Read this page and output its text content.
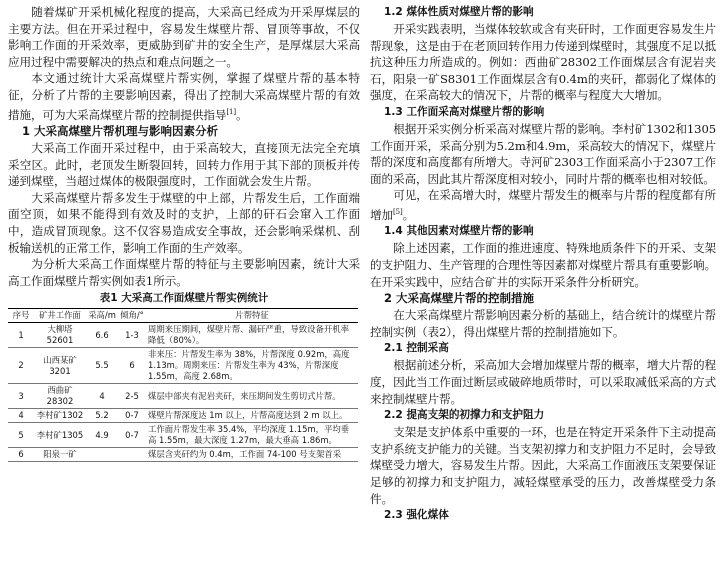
随着煤矿开采机械化程度的提高，大采高已经成为开采厚煤层的主要方法。但在开采过程中，容易发生煤壁片帮、冒顶等事故，不仅影响工作面的开采效率，更威胁到矿井的安全生产，是厚煤层大采高应用过程中需要解决的热点和难点问题之一。

本文通过统计大采高煤壁片帮实例，掌握了煤壁片帮的基本特征，分析了片帮的主要影响因素，得出了控制大采高煤壁片帮的有效措施，可为大采高煤壁片帮的控制提供指导[1]。

1 大采高煤壁片帮机理与影响因素分析

大采高工作面开采过程中，由于采高较大，直接顶无法完全充填采空区。此时，老顶发生断裂回转，回转力作用于其下部的顶板并传递到煤壁，当超过煤体的极限强度时，工作面就会发生片帮。

大采高煤壁片帮多发生于煤壁的中上部，片帮发生后，工作面端面空顶，如果不能得到有效及时的支护，上部的矸石会窜入工作面中，造成冒顶现象。这不仅容易造成安全事故，还会影响采煤机、刮板输送机的正常工作，影响工作面的生产效率。

为分析大采高工作面煤壁片帮的特征与主要影响因素，统计大采高工作面煤壁片帮实例如表1所示。

表1 大采高工作面煤壁片帮实例统计
序号	矿井工作面	采高/m	倾角/°	片帮特征
1	大柳塔52601	6.6	1-3	周期来压期间，煤壁片帮、漏矸严重，导致设备开机率降低（80%）。
2	山西某矿3201	5.5	6	非来压：片帮发生率为 38%，片帮深度 0.92m，高度 1.13m。周期来压：片帮发生率为 43%，片帮深度 1.55m，高度 2.68m。
3	西曲矿28302	4	2-5	煤层中部夹有泥岩夹矸，来压期间发生剪切式片帮。
4	李村矿1302	5.2	0-7	煤壁片帮深度达 1m 以上，片帮高度达到 2 m 以上。
5	李村矿1305	4.9	0-7	工作面片帮发生率 35.4%，平均深度 1.15m，平均垂高 1.55m，最大深度 1.27m，最大垂高 1.86m。
6	阳泉一矿			煤层含夹矸约为 0.4m，工作面 74-100 号支架首采
1.2 煤体性质对煤壁片帮的影响

开采实践表明，当煤体较软或含有夹矸时，工作面更容易发生片帮现象，这是由于在老顶回转作用力传递到煤壁时，其强度不足以抵抗这种压力所造成的。例如：西曲矿28302工作面煤层含有泥岩夹石，阳泉一矿S8301工作面煤层含有0.4m的夹矸，都弱化了煤体的强度，在采高较大的情况下，片帮的概率与程度大大增加。

1.3 工作面采高对煤壁片帮的影响

根据开采实例分析采高对煤壁片帮的影响。李村矿1302和1305工作面开采，采高分别为5.2m和4.9m，采高较大的情况下，煤壁片帮的深度和高度都有所增大。寺河矿2303工作面采高小于2307工作面的采高，因此其片帮深度相对较小，同时片帮的概率也相对较低。

可见，在采高增大时，煤壁片帮发生的概率与片帮的程度都有所增加[5]。

1.4 其他因素对煤壁片帮的影响

除上述因素，工作面的推进速度、特殊地质条件下的开采、支架的支护阻力、生产管理的合理性等因素都对煤壁片帮具有重要影响。在开采实践中，应结合矿井的实际开采条件分析研究。

2 大采高煤壁片帮的控制措施

在大采高煤壁片帮影响因素分析的基础上，结合统计的煤壁片帮控制实例（表2），得出煤壁片帮的控制措施如下。

2.1 控制采高

根据前述分析，采高加大会增加煤壁片帮的概率，增大片帮的程度，因此当工作面过断层或破碎地质带时，可以采取减低采高的方式来控制煤壁片帮。

2.2 提高支架的初撑力和支护阻力

支架是支护体系中重要的一环，也是在特定开采条件下主动提高支护系统支护能力的关键。当支架初撑力和支护阻力不足时，会导致煤壁受力增大，容易发生片帮。因此，大采高工作面液压支架要保证足够的初撑力和支护阻力，减轻煤壁承受的压力，改善煤壁受力条件。

2.3 强化煤体
